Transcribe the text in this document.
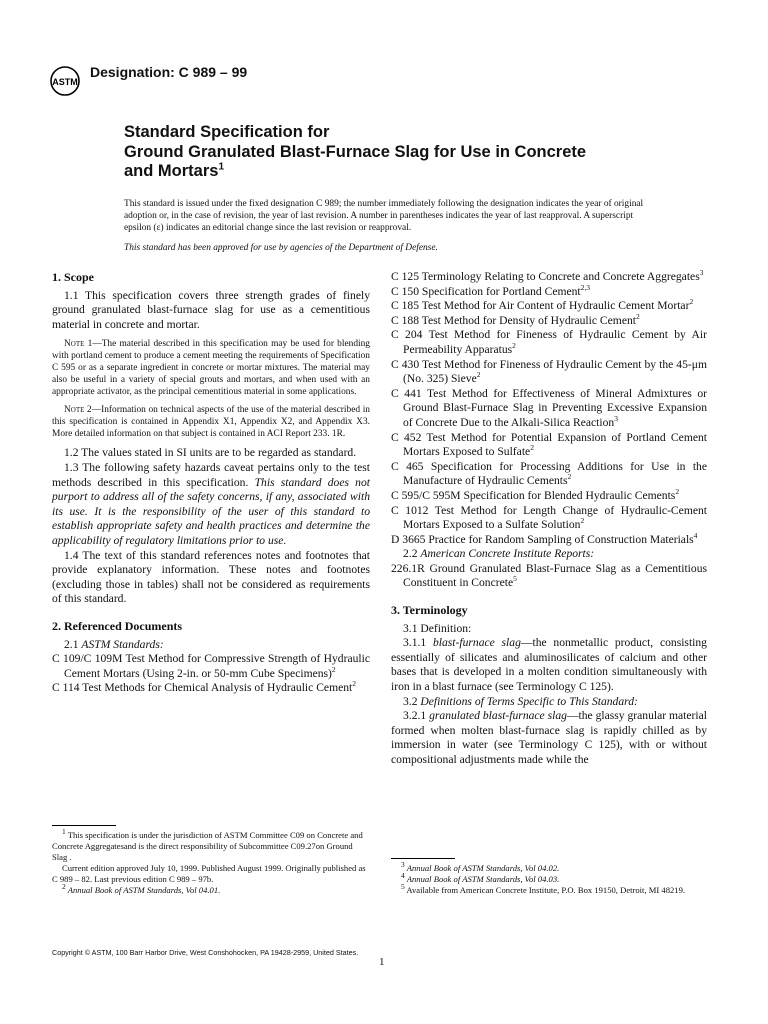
ASTM
Designation: C 989 – 99
Standard Specification for
Ground Granulated Blast-Furnace Slag for Use in Concrete
and Mortars$^1$

This standard is issued under the fixed designation C 989; the number immediately following the designation indicates the year of original adoption or, in the case of revision, the year of last revision. A number in parentheses indicates the year of last reapproval. A superscript epsilon (ε) indicates an editorial change since the last revision or reapproval.

This standard has been approved for use by agencies of the Department of Defense.

1. Scope

1.1 This specification covers three strength grades of finely ground granulated blast-furnace slag for use as a cementitious material in concrete and mortar.

Note 1—The material described in this specification may be used for blending with portland cement to produce a cement meeting the requirements of Specification C 595 or as a separate ingredient in concrete or mortar mixtures. The material may also be useful in a variety of special grouts and mortars, and when used with an appropriate activator, as the principal cementitious material in some applications.

Note 2—Information on technical aspects of the use of the material described in this specification is contained in Appendix X1, Appendix X2, and Appendix X3. More detailed information on that subject is contained in ACI Report 233. 1R.

1.2 The values stated in SI units are to be regarded as standard.

1.3 The following safety hazards caveat pertains only to the test methods described in this specification. This standard does not purport to address all of the safety concerns, if any, associated with its use. It is the responsibility of the user of this standard to establish appropriate safety and health practices and determine the applicability of regulatory limitations prior to use.

1.4 The text of this standard references notes and footnotes that provide explanatory information. These notes and footnotes (excluding those in tables) shall not be considered as requirements of this standard.

2. Referenced Documents

2.1 ASTM Standards:

C 109/C 109M Test Method for Compressive Strength of Hydraulic Cement Mortars (Using 2-in. or 50-mm Cube Specimens)$^2$

C 114 Test Methods for Chemical Analysis of Hydraulic Cement$^2$

$^1$ This specification is under the jurisdiction of ASTM Committee C09 on Concrete and Concrete Aggregatesand is the direct responsibility of Subcommittee C09.27on Ground Slag .

Current edition approved July 10, 1999. Published August 1999. Originally published as C 989 – 82. Last previous edition C 989 – 97b.

$^2$ Annual Book of ASTM Standards, Vol 04.01.

C 125 Terminology Relating to Concrete and Concrete Aggregates$^3$

C 150 Specification for Portland Cement$^{2,3}$

C 185 Test Method for Air Content of Hydraulic Cement Mortar$^2$

C 188 Test Method for Density of Hydraulic Cement$^2$

C 204 Test Method for Fineness of Hydraulic Cement by Air Permeability Apparatus$^2$

C 430 Test Method for Fineness of Hydraulic Cement by the 45-μm (No. 325) Sieve$^2$

C 441 Test Method for Effectiveness of Mineral Admixtures or Ground Blast-Furnace Slag in Preventing Excessive Expansion of Concrete Due to the Alkali-Silica Reaction$^3$

C 452 Test Method for Potential Expansion of Portland Cement Mortars Exposed to Sulfate$^2$

C 465 Specification for Processing Additions for Use in the Manufacture of Hydraulic Cements$^2$

C 595/C 595M Specification for Blended Hydraulic Cements$^2$

C 1012 Test Method for Length Change of Hydraulic-Cement Mortars Exposed to a Sulfate Solution$^2$

D 3665 Practice for Random Sampling of Construction Materials$^4$

2.2 American Concrete Institute Reports:

226.1R Ground Granulated Blast-Furnace Slag as a Cementitious Constituent in Concrete$^5$

3. Terminology

3.1 Definition:

3.1.1 blast-furnace slag—the nonmetallic product, consisting essentially of silicates and aluminosilicates of calcium and other bases that is developed in a molten condition simultaneously with iron in a blast furnace (see Terminology C 125).

3.2 Definitions of Terms Specific to This Standard:

3.2.1 granulated blast-furnace slag—the glassy granular material formed when molten blast-furnace slag is rapidly chilled as by immersion in water (see Terminology C 125), with or without compositional adjustments made while the

$^3$ Annual Book of ASTM Standards, Vol 04.02.

$^4$ Annual Book of ASTM Standards, Vol 04.03.

$^5$ Available from American Concrete Institute, P.O. Box 19150, Detroit, MI 48219.

Copyright © ASTM, 100 Barr Harbor Drive, West Conshohocken, PA 19428-2959, United States.
1
